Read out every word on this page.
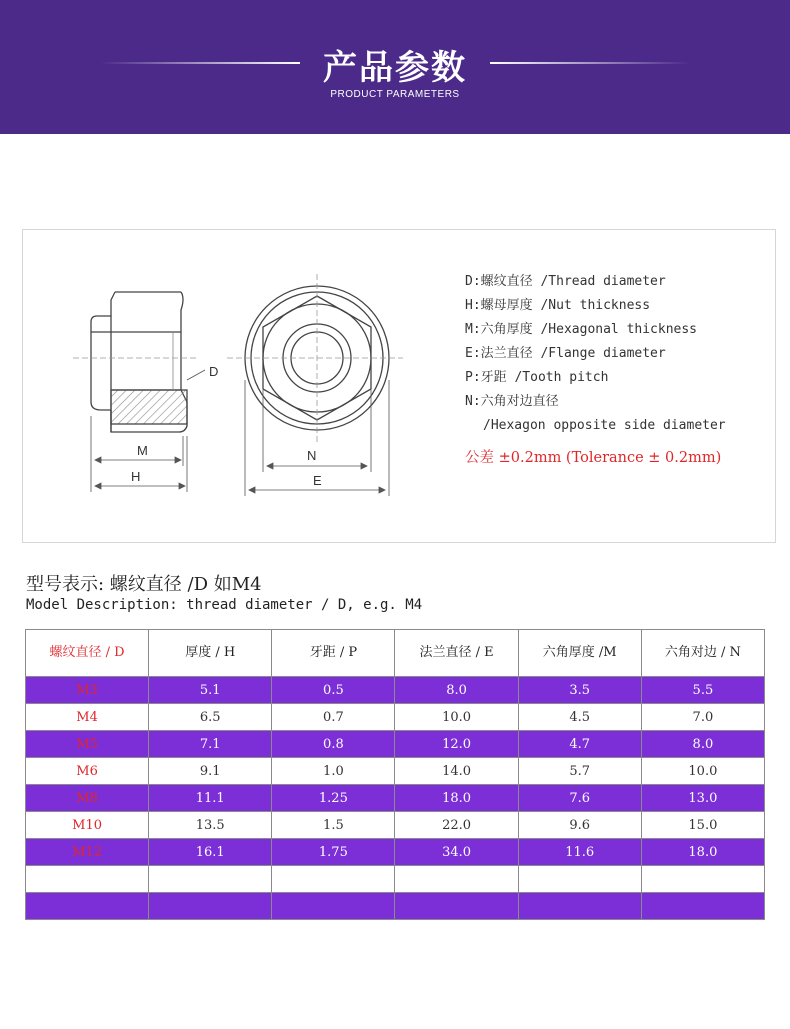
产品参数
PRODUCT PARAMETERS
D
M
H
N
E
D:螺纹直径 /Thread diameter
H:螺母厚度 /Nut thickness
M:六角厚度 /Hexagonal thickness
E:法兰直径 /Flange diameter
P:牙距 /Tooth pitch
N:六角对边直径
/Hexagon opposite side diameter
公差 ±0.2mm (Tolerance ± 0.2mm)
型号表示: 螺纹直径 /D 如M4
Model Description: thread diameter / D, e.g. M4
螺纹直径 / D	厚度 / H	牙距 / P	法兰直径 / E	六角厚度 /M	六角对边 / N
M3	5.1	0.5	8.0	3.5	5.5
M4	6.5	0.7	10.0	4.5	7.0
M5	7.1	0.8	12.0	4.7	8.0
M6	9.1	1.0	14.0	5.7	10.0
M8	11.1	1.25	18.0	7.6	13.0
M10	13.5	1.5	22.0	9.6	15.0
M12	16.1	1.75	34.0	11.6	18.0
